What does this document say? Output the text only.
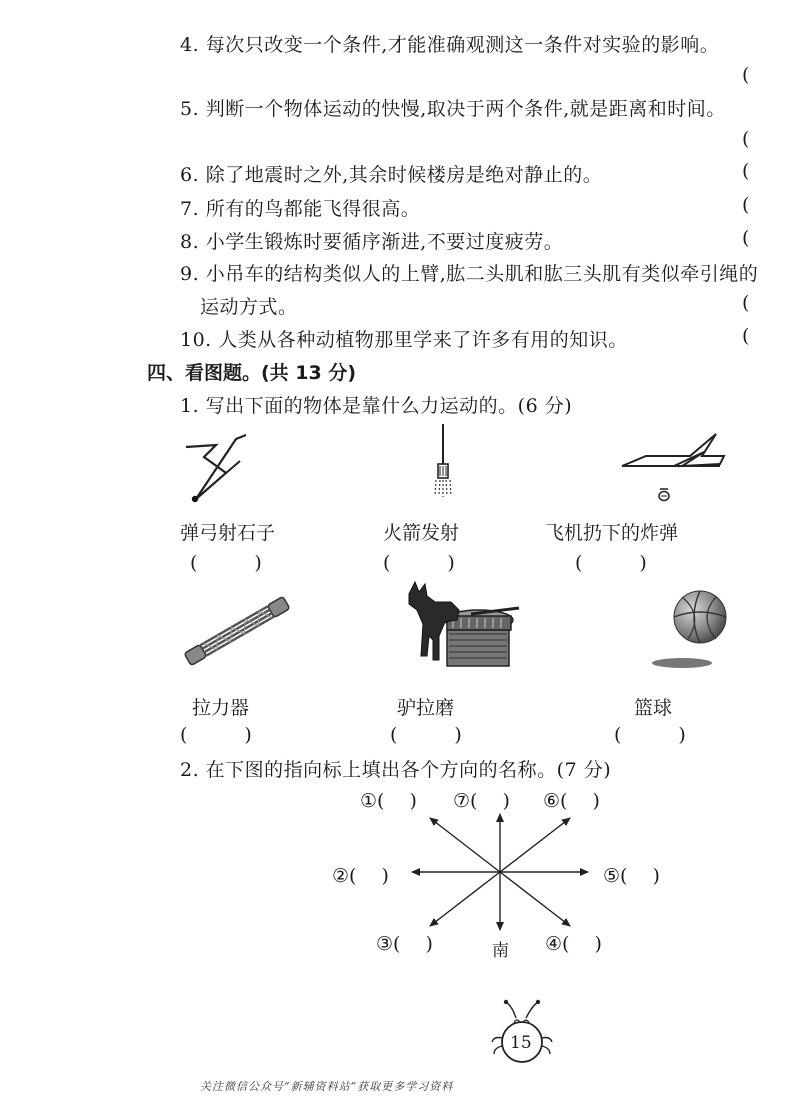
4. 每次只改变一个条件,才能准确观测这一条件对实验的影响。
(
5. 判断一个物体运动的快慢,取决于两个条件,就是距离和时间。
(
6. 除了地震时之外,其余时候楼房是绝对静止的。	(
7. 所有的鸟都能飞得很高。	(
8. 小学生锻炼时要循序渐进,不要过度疲劳。	(
9. 小吊车的结构类似人的上臂,肱二头肌和肱三头肌有类似牵引绳的
运动方式。	(
10. 人类从各种动植物那里学来了许多有用的知识。	(
四、看图题。(共 13 分)
1. 写出下面的物体是靠什么力运动的。(6 分)
弹弓射石子
(　　　)
火箭发射
(　　　)
飞机扔下的炸弹
(　　　)
拉力器
(　　　)
驴拉磨
(　　　)
篮球
(　　　)
2. 在下图的指向标上填出各个方向的名称。(7 分)
①(　 ) ⑦(　 ) ⑥(　 )
②(　 )	⑤(　 )
③(　 )	④(　 )
南
15
关注微信公众号“新辅资料站”获取更多学习资料
